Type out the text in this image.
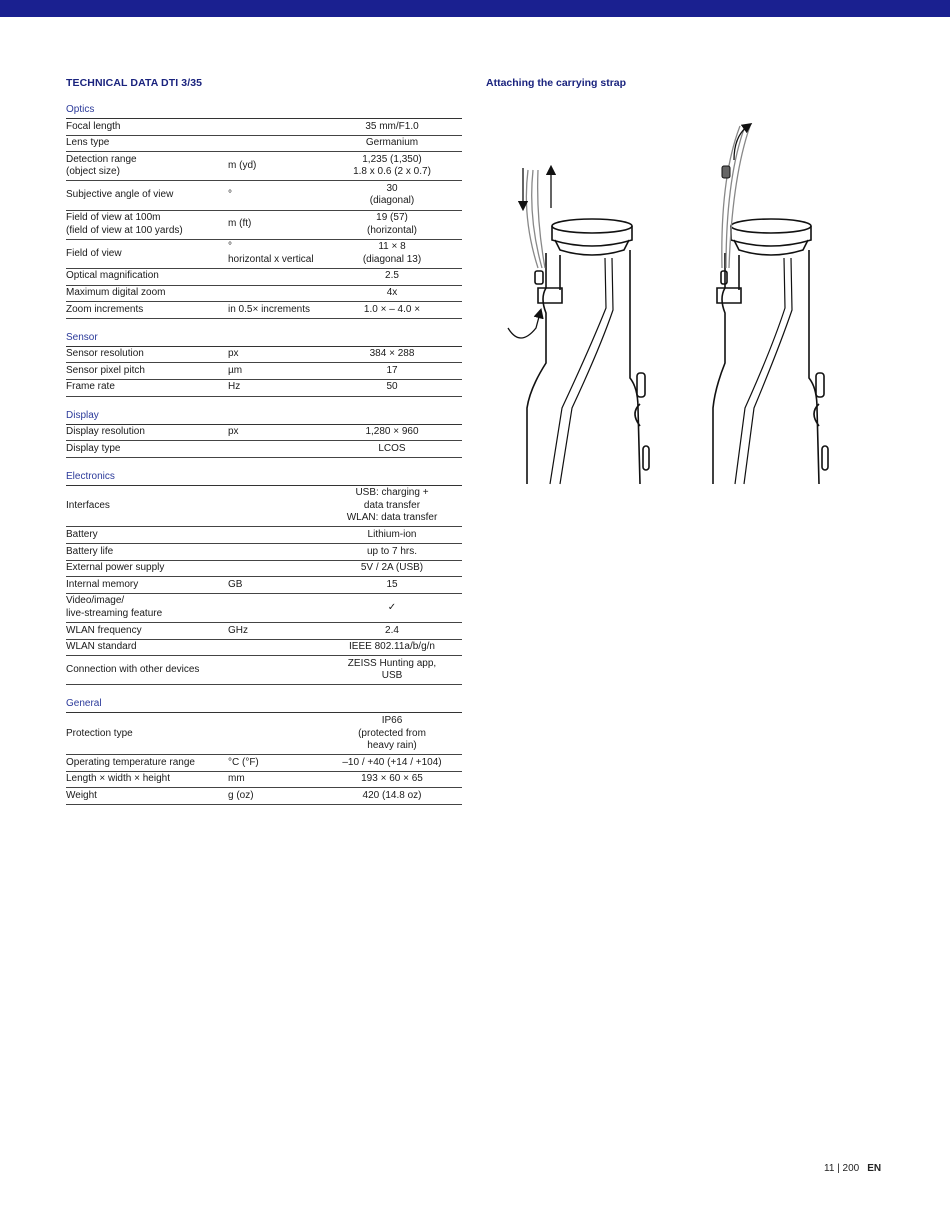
TECHNICAL DATA DTI 3/35
Optics
Focal length		35 mm/F1.0
Lens type		Germanium
Detection range
(object size)	m (yd)	1,235 (1,350)
1.8 x 0.6 (2 x 0.7)
Subjective angle of view	°	30
(diagonal)
Field of view at 100m
(field of view at 100 yards)	m (ft)	19 (57)
(horizontal)
Field of view	°
horizontal x vertical	11 × 8
(diagonal 13)
Optical magnification		2.5
Maximum digital zoom		4x
Zoom increments	in 0.5× increments	1.0 × – 4.0 ×
Sensor
Sensor resolution	px	384 × 288
Sensor pixel pitch	µm	17
Frame rate	Hz	50
Display
Display resolution	px	1,280 × 960
Display type		LCOS
Electronics
Interfaces		USB: charging +
data transfer
WLAN: data transfer
Battery		Lithium-ion
Battery life		up to 7 hrs.
External power supply		5V / 2A (USB)
Internal memory	GB	15
Video/image/
live-streaming feature		✓
WLAN frequency	GHz	2.4
WLAN standard		IEEE 802.11a/b/g/n
Connection with other devices		ZEISS Hunting app, USB
General
Protection type		IP66
(protected from
heavy rain)
Operating temperature range	°C (°F)	–10 / +40 (+14 / +104)
Length × width × height	mm	193 × 60 × 65
Weight	g (oz)	420 (14.8 oz)
Attaching the carrying strap
11 | 200 EN
